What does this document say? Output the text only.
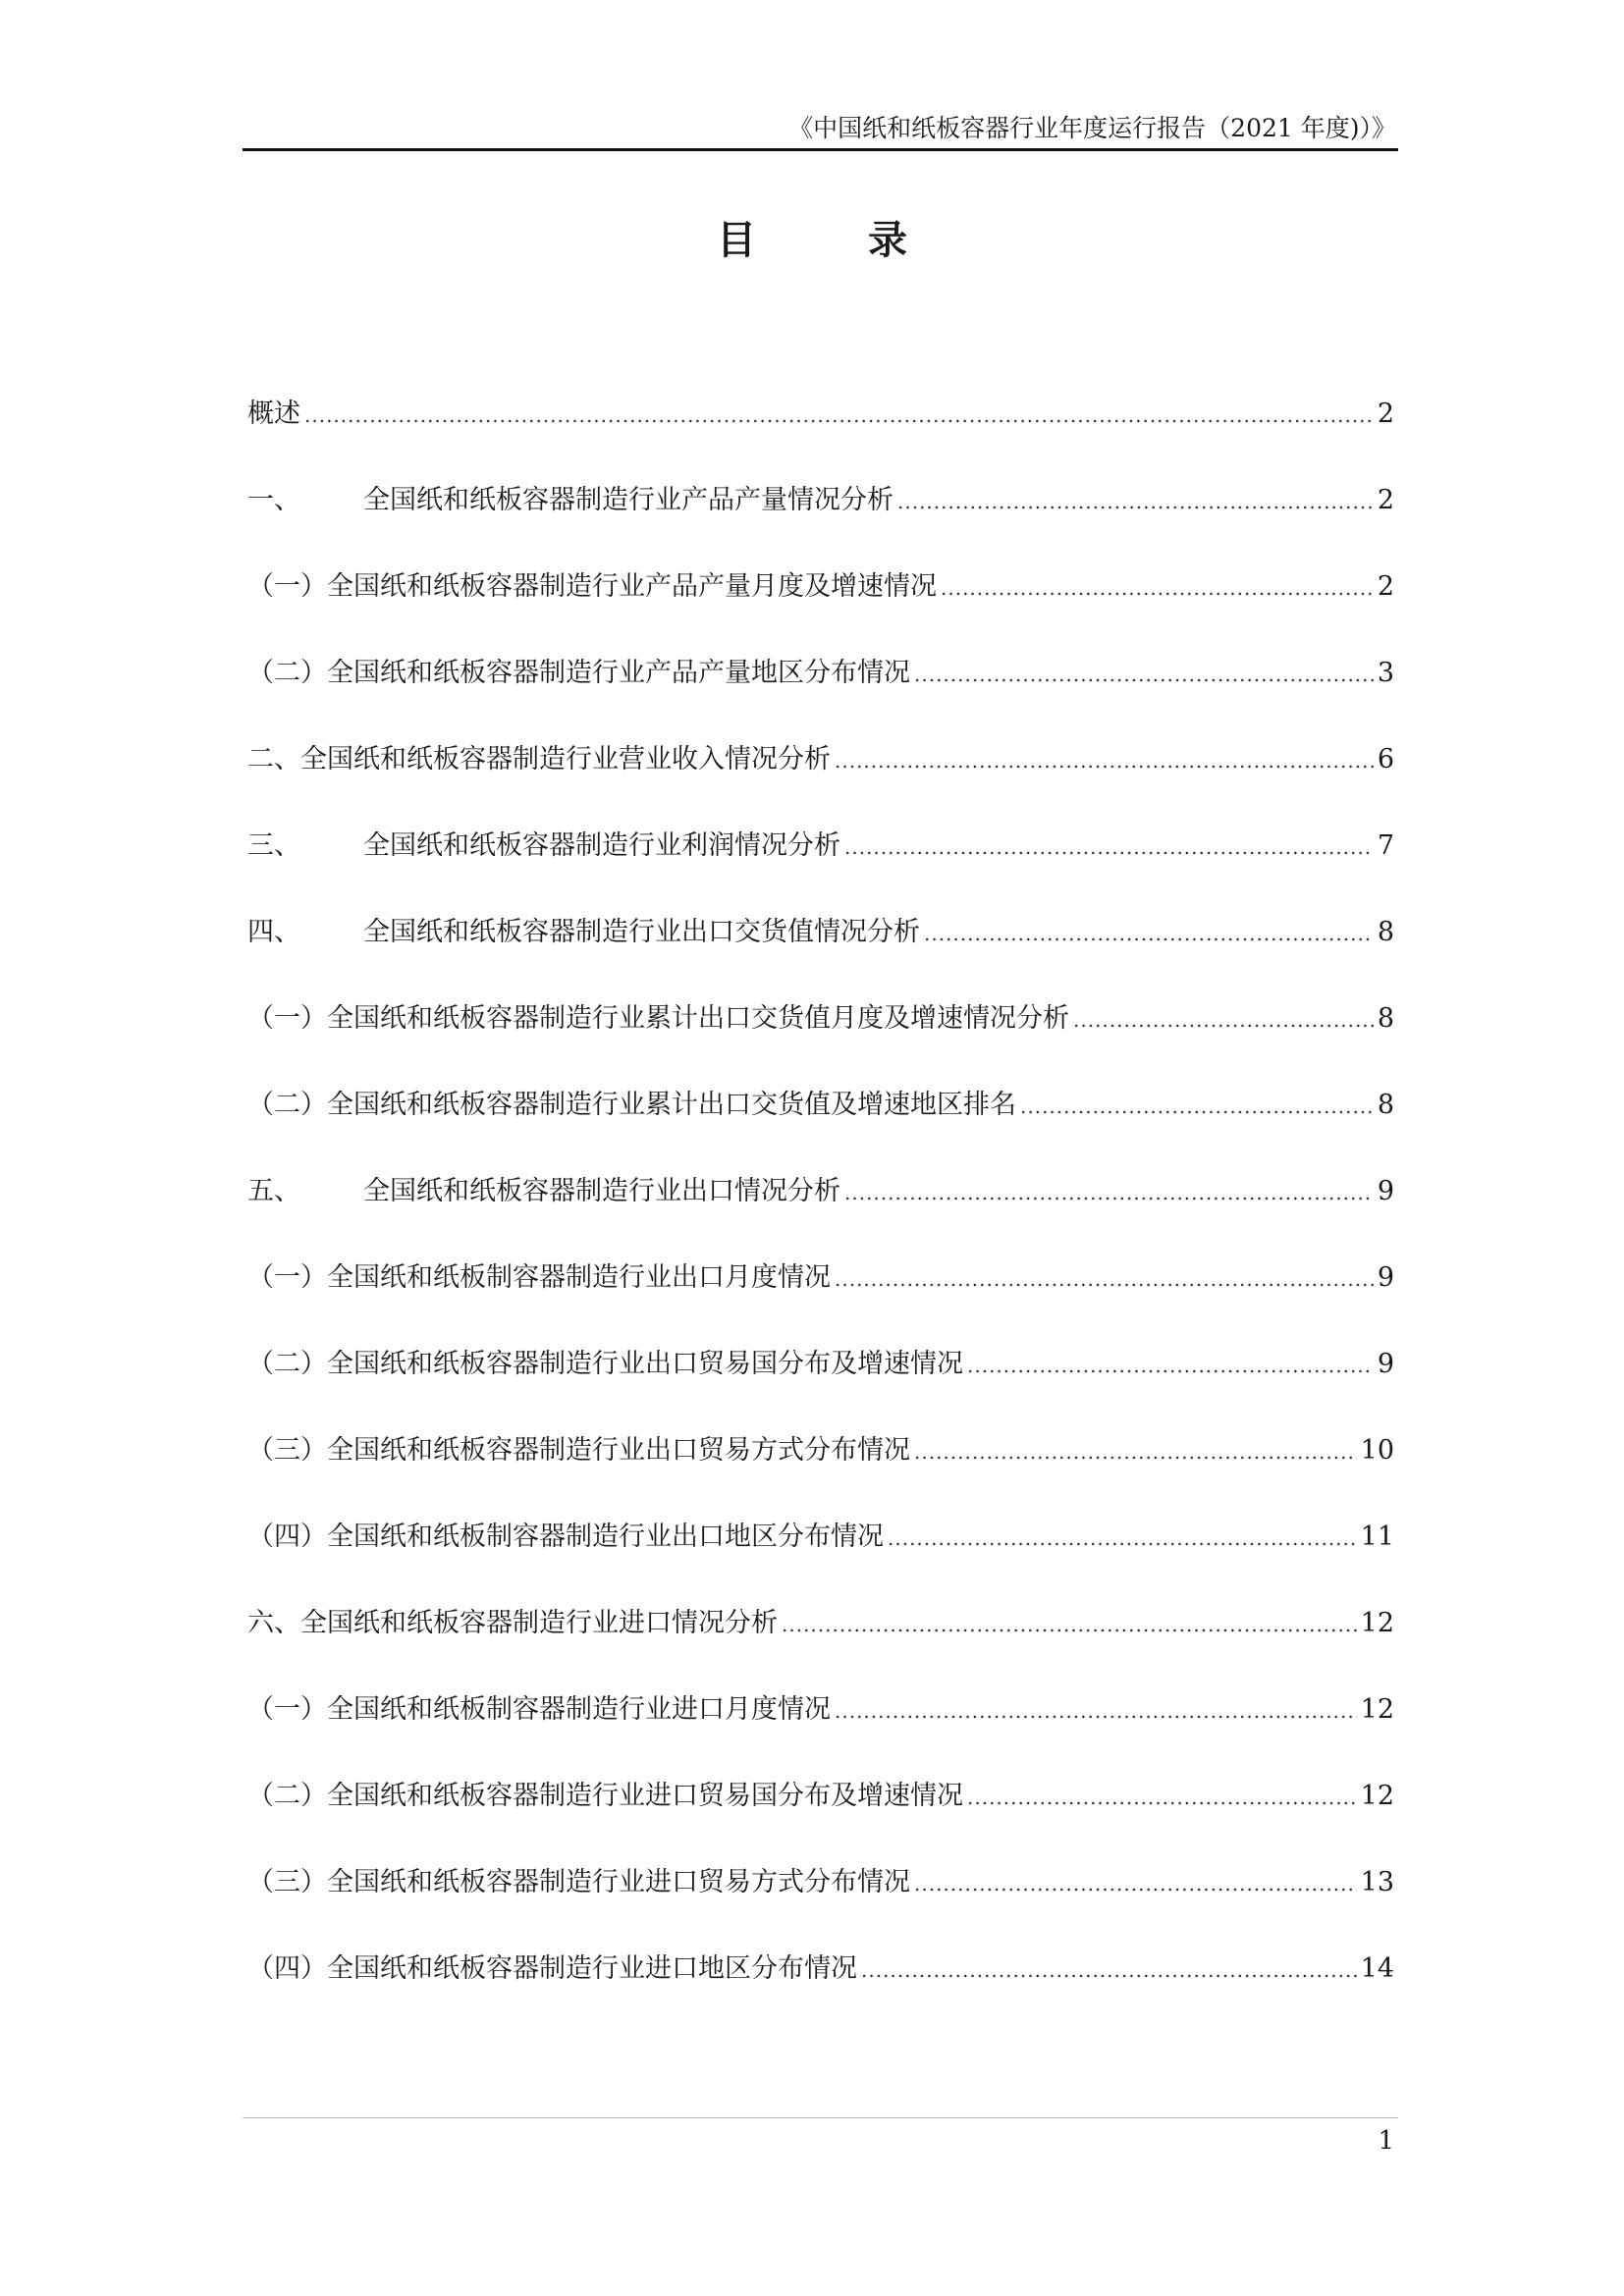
《中国纸和纸板容器行业年度运行报告（2021 年度)）》
目 录
概述 .....	2
一、	全国纸和纸板容器制造行业产品产量情况分析 .....	2
（一） 全国纸和纸板容器制造行业产品产量月度及增速情况 .....	2
（二） 全国纸和纸板容器制造行业产品产量地区分布情况 .....	3
二、 全国纸和纸板容器制造行业营业收入情况分析 .....	6
三、	全国纸和纸板容器制造行业利润情况分析 .....	7
四、	全国纸和纸板容器制造行业出口交货值情况分析 .....	8
（一） 全国纸和纸板容器制造行业累计出口交货值月度及增速情况分析 .....	8
（二） 全国纸和纸板容器制造行业累计出口交货值及增速地区排名 .....	8
五、	全国纸和纸板容器制造行业出口情况分析 .....	9
（一） 全国纸和纸板制容器制造行业出口月度情况 .....	9
（二） 全国纸和纸板容器制造行业出口贸易国分布及增速情况 .....	9
（三） 全国纸和纸板容器制造行业出口贸易方式分布情况 .....	10
（四） 全国纸和纸板制容器制造行业出口地区分布情况 .....	11
六、 全国纸和纸板容器制造行业进口情况分析 .....	12
（一） 全国纸和纸板制容器制造行业进口月度情况 .....	12
（二） 全国纸和纸板容器制造行业进口贸易国分布及增速情况 .....	12
（三） 全国纸和纸板容器制造行业进口贸易方式分布情况 .....	13
（四） 全国纸和纸板容器制造行业进口地区分布情况 .....	14
1
